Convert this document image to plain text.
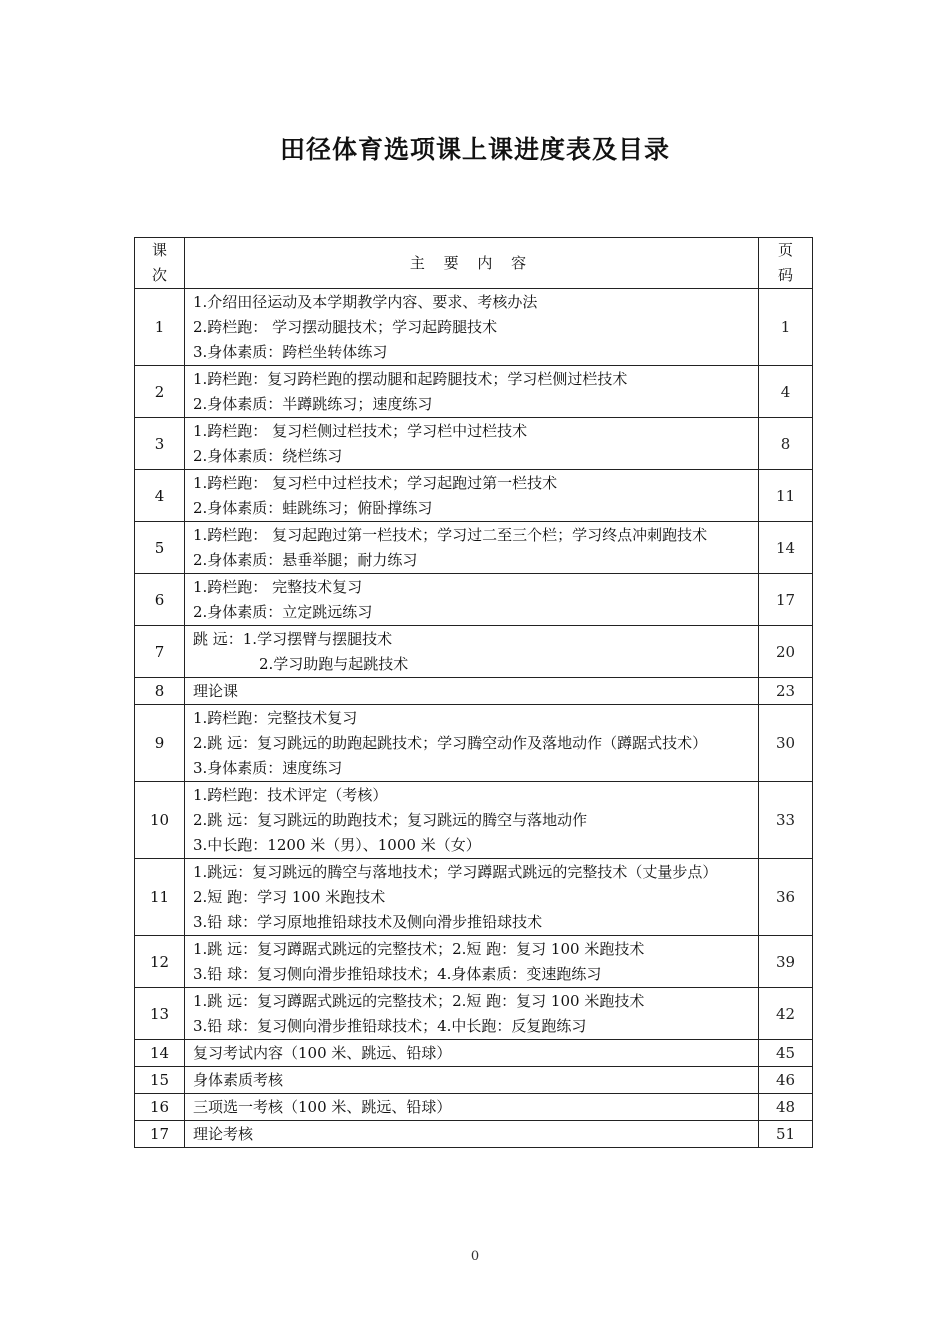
田径体育选项课上课进度表及目录
课
次	主 要 内 容	页
码

1	1.介绍田径运动及本学期教学内容、要求、考核办法
2.跨栏跑： 学习摆动腿技术；学习起跨腿技术
3.身体素质：跨栏坐转体练习	1
2	1.跨栏跑：复习跨栏跑的摆动腿和起跨腿技术；学习栏侧过栏技术
2.身体素质：半蹲跳练习；速度练习	4
3	1.跨栏跑： 复习栏侧过栏技术；学习栏中过栏技术
2.身体素质：绕栏练习	8
4	1.跨栏跑： 复习栏中过栏技术；学习起跑过第一栏技术
2.身体素质：蛙跳练习；俯卧撑练习	11
5	1.跨栏跑： 复习起跑过第一栏技术；学习过二至三个栏；学习终点冲刺跑技术
2.身体素质：悬垂举腿；耐力练习	14
6	1.跨栏跑： 完整技术复习
2.身体素质：立定跳远练习	17
7	跳 远：1.学习摆臂与摆腿技术
2.学习助跑与起跳技术	20
8	理论课	23
9	1.跨栏跑：完整技术复习
2.跳 远：复习跳远的助跑起跳技术；学习腾空动作及落地动作（蹲踞式技术）
3.身体素质：速度练习	30
10	1.跨栏跑：技术评定（考核）
2.跳 远：复习跳远的助跑技术；复习跳远的腾空与落地动作
3.中长跑：1200 米（男）、1000 米（女）	33
11	1.跳远：复习跳远的腾空与落地技术；学习蹲踞式跳远的完整技术（丈量步点）
2.短 跑：学习 100 米跑技术
3.铅 球：学习原地推铅球技术及侧向滑步推铅球技术	36
12	1.跳 远：复习蹲踞式跳远的完整技术；2.短 跑：复习 100 米跑技术
3.铅 球：复习侧向滑步推铅球技术；4.身体素质：变速跑练习	39
13	1.跳 远：复习蹲踞式跳远的完整技术；2.短 跑：复习 100 米跑技术
3.铅 球：复习侧向滑步推铅球技术；4.中长跑：反复跑练习	42
14	复习考试内容（100 米、跳远、铅球）	45
15	身体素质考核	46
16	三项选一考核（100 米、跳远、铅球）	48
17	理论考核	51
0
